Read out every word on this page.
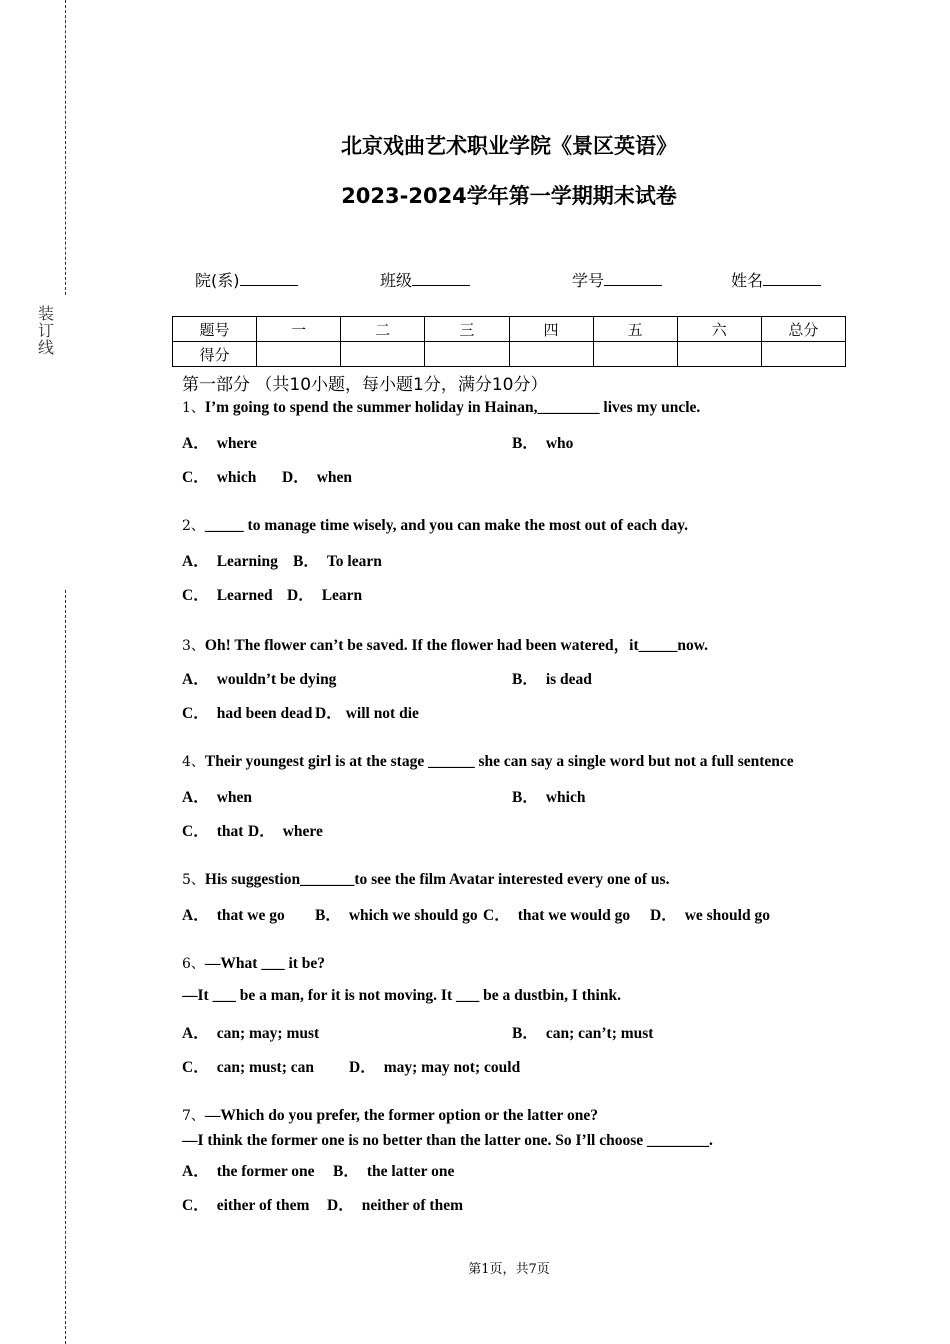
装
订
线
北京戏曲艺术职业学院《景区英语》
2023-2024学年第一学期期末试卷
院(系)	班级	学号	姓名
题号	一	二	三	四	五	六	总分
得分							
第一部分 （共10小题，每小题1分，满分10分）
1、I’m going to spend the summer holiday in Hainan,________ lives my uncle.
A． where	B． who
C． which D． when
2、_____ to manage time wisely, and you can make the most out of each day.
A． Learning B． To learn
C． Learned D． Learn
3、Oh! The flower can’t be saved. If the flower had been watered，it_____now.
A． wouldn’t be dying	B． is dead
C． had been dead D． will not die
4、Their youngest girl is at the stage ______ she can say a single word but not a full sentence
A． when	B． which
C． that D． where
5、His suggestion_______to see the film Avatar interested every one of us.
A． that we go B． which we should go C． that we would go D． we should go
6、—What ___ it be?
—It ___ be a man, for it is not moving. It ___ be a dustbin, I think.
A． can; may; must	B． can; can’t; must
C． can; must; can D． may; may not; could
7、—Which do you prefer, the former option or the latter one?
—I think the former one is no better than the latter one. So I’ll choose ________.
A． the former one B． the latter one
C． either of them D． neither of them
第1页，共7页
